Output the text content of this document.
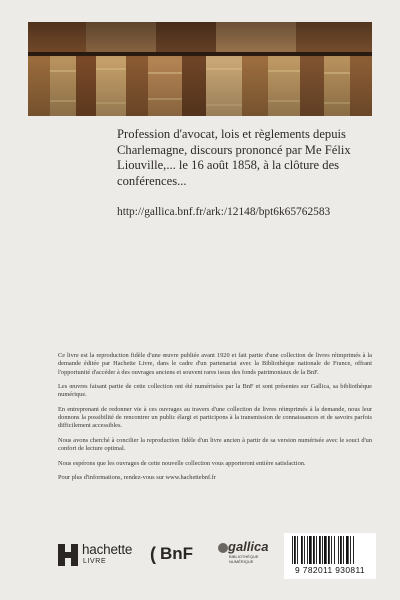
Profession d'avocat, lois et règlements depuis Charlemagne, discours prononcé par Me Félix Liouville,... le 16 août 1858, à la clôture des conférences...

http://gallica.bnf.fr/ark:/12148/bpt6k65762583

Ce livre est la reproduction fidèle d'une œuvre publiée avant 1920 et fait partie d'une collection de livres réimprimés à la demande éditée par Hachette Livre, dans le cadre d'un partenariat avec la Bibliothèque nationale de France, offrant l'opportunité d'accéder à des ouvrages anciens et souvent rares issus des fonds patrimoniaux de la BnF.

Les œuvres faisant partie de cette collection ont été numérisées par la BnF et sont présentes sur Gallica, sa bibliothèque numérique.

En entreprenant de redonner vie à ces ouvrages au travers d'une collection de livres réimprimés à la demande, nous leur donnons la possibilité de rencontrer un public élargi et participons à la transmission de connaissances et de savoirs parfois difficilement accessibles.

Nous avons cherché à concilier la reproduction fidèle d'un livre ancien à partir de sa version numérisée avec le souci d'un confort de lecture optimal.

Nous espérons que les ouvrages de cette nouvelle collection vous apporteront entière satisfaction.

Pour plus d'informations, rendez-vous sur www.hachettebnf.fr

hachette
LIVRE ( BnF	gallica
BIBLIOTHÈQUE NUMÉRIQUE
9 782011 930811
